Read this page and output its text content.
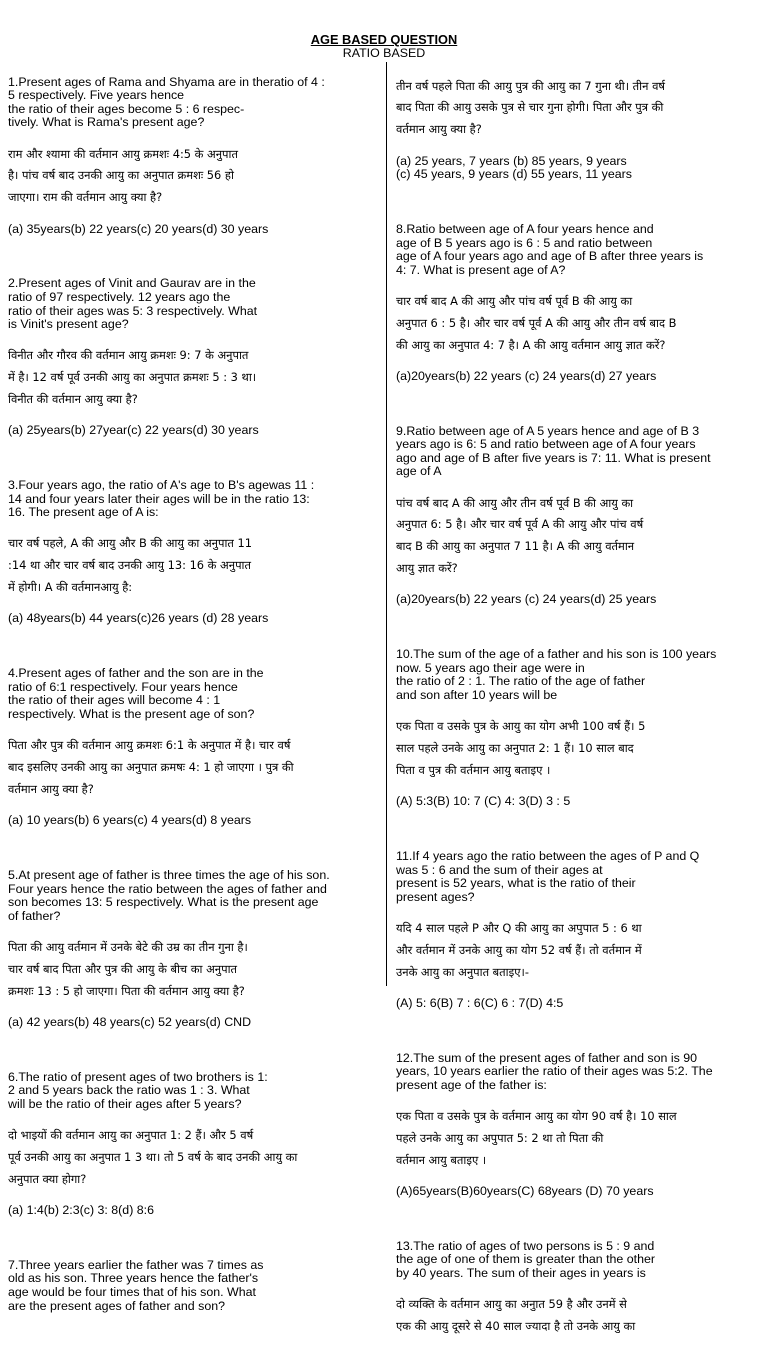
AGE BASED QUESTION
RATIO BASED

1.Present ages of Rama and Shyama are in theratio of 4 :
5 respectively. Five years hence
the ratio of their ages become 5 : 6 respec-
tively. What is Rama's present age?

राम और श्यामा की वर्तमान आयु क्रमशः 4:5 के अनुपात
है। पांच वर्ष बाद उनकी आयु का अनुपात क्रमशः 56 हो
जाएगा। राम की वर्तमान आयु क्या है?

(a) 35years(b) 22 years(c) 20 years(d) 30 years

2.Present ages of Vinit and Gaurav are in the
ratio of 97 respectively. 12 years ago the
ratio of their ages was 5: 3 respectively. What
is Vinit's present age?

विनीत और गौरव की वर्तमान आयु क्रमशः 9: 7 के अनुपात
में है। 12 वर्ष पूर्व उनकी आयु का अनुपात क्रमशः 5 : 3 था।
विनीत की वर्तमान आयु क्या है?

(a) 25years(b) 27year(c) 22 years(d) 30 years

3.Four years ago, the ratio of A's age to B's agewas 11 :
14 and four years later their ages will be in the ratio 13:
16. The present age of A is:

चार वर्ष पहले, A की आयु और B की आयु का अनुपात 11
:14 था और चार वर्ष बाद उनकी आयु 13: 16 के अनुपात
में होगी। A की वर्तमानआयु है:

(a) 48years(b) 44 years(c)26 years (d) 28 years

4.Present ages of father and the son are in the
ratio of 6:1 respectively. Four years hence
the ratio of their ages will become 4 : 1
respectively. What is the present age of son?

पिता और पुत्र की वर्तमान आयु क्रमशः 6:1 के अनुपात में है। चार वर्ष
बाद इसलिए उनकी आयु का अनुपात क्रमषः 4: 1 हो जाएगा । पुत्र की
वर्तमान आयु क्या है?

(a) 10 years(b) 6 years(c) 4 years(d) 8 years

5.At present age of father is three times the age of his son.
Four years hence the ratio between the ages of father and
son becomes 13: 5 respectively. What is the present age
of father?

पिता की आयु वर्तमान में उनके बेटे की उम्र का तीन गुना है।
चार वर्ष बाद पिता और पुत्र की आयु के बीच का अनुपात
क्रमशः 13 : 5 हो जाएगा। पिता की वर्तमान आयु क्या है?

(a) 42 years(b) 48 years(c) 52 years(d) CND

6.The ratio of present ages of two brothers is 1:
2 and 5 years back the ratio was 1 : 3. What
will be the ratio of their ages after 5 years?

दो भाइयों की वर्तमान आयु का अनुपात 1: 2 हैं। और 5 वर्ष
पूर्व उनकी आयु का अनुपात 1 3 था। तो 5 वर्ष के बाद उनकी आयु का
अनुपात क्या होगा?

(a) 1:4(b) 2:3(c) 3: 8(d) 8:6

7.Three years earlier the father was 7 times as
old as his son. Three years hence the father's
age would be four times that of his son. What
are the present ages of father and son?

तीन वर्ष पहले पिता की आयु पुत्र की आयु का 7 गुना थी। तीन वर्ष
बाद पिता की आयु उसके पुत्र से चार गुना होगी। पिता और पुत्र की
वर्तमान आयु क्या है?

(a) 25 years, 7 years (b) 85 years, 9 years
(c) 45 years, 9 years (d) 55 years, 11 years

8.Ratio between age of A four years hence and
age of B 5 years ago is 6 : 5 and ratio between
age of A four years ago and age of B after three years is
4: 7. What is present age of A?

चार वर्ष बाद A की आयु और पांच वर्ष पूर्व B की आयु का
अनुपात 6 : 5 है। और चार वर्ष पूर्व A की आयु और तीन वर्ष बाद B
की आयु का अनुपात 4: 7 है। A की आयु वर्तमान आयु ज्ञात करें?

(a)20years(b) 22 years (c) 24 years(d) 27 years

9.Ratio between age of A 5 years hence and age of B 3
years ago is 6: 5 and ratio between age of A four years
ago and age of B after five years is 7: 11. What is present
age of A

पांच वर्ष बाद A की आयु और तीन वर्ष पूर्व B की आयु का
अनुपात 6: 5 है। और चार वर्ष पूर्व A की आयु और पांच वर्ष
बाद B की आयु का अनुपात 7 11 है। A की आयु वर्तमान
आयु ज्ञात करें?

(a)20years(b) 22 years (c) 24 years(d) 25 years

10.The sum of the age of a father and his son is 100 years
now. 5 years ago their age were in
the ratio of 2 : 1. The ratio of the age of father
and son after 10 years will be

एक पिता व उसके पुत्र के आयु का योग अभी 100 वर्ष हैं। 5
साल पहले उनके आयु का अनुपात 2: 1 हैं। 10 साल बाद
पिता व पुत्र की वर्तमान आयु बताइए ।

(A) 5:3(B) 10: 7 (C) 4: 3(D) 3 : 5

11.If 4 years ago the ratio between the ages of P and Q
was 5 : 6 and the sum of their ages at
present is 52 years, what is the ratio of their
present ages?

यदि 4 साल पहले P और Q की आयु का अपुपात 5 : 6 था
और वर्तमान में उनके आयु का योग 52 वर्ष हैं। तो वर्तमान में
उनके आयु का अनुपात बताइए।-

(A) 5: 6(B) 7 : 6(C) 6 : 7(D) 4:5

12.The sum of the present ages of father and son is 90
years, 10 years earlier the ratio of their ages was 5:2. The
present age of the father is:

एक पिता व उसके पुत्र के वर्तमान आयु का योग 90 वर्ष है। 10 साल
पहले उनके आयु का अपुपात 5: 2 था तो पिता की
वर्तमान आयु बताइए ।

(A)65years(B)60years(C) 68years (D) 70 years

13.The ratio of ages of two persons is 5 : 9 and
the age of one of them is greater than the other
by 40 years. The sum of their ages in years is

दो व्यक्ति के वर्तमान आयु का अनुात 59 है और उनमें से
एक की आयु दूसरे से 40 साल ज्यादा है तो उनके आयु का
